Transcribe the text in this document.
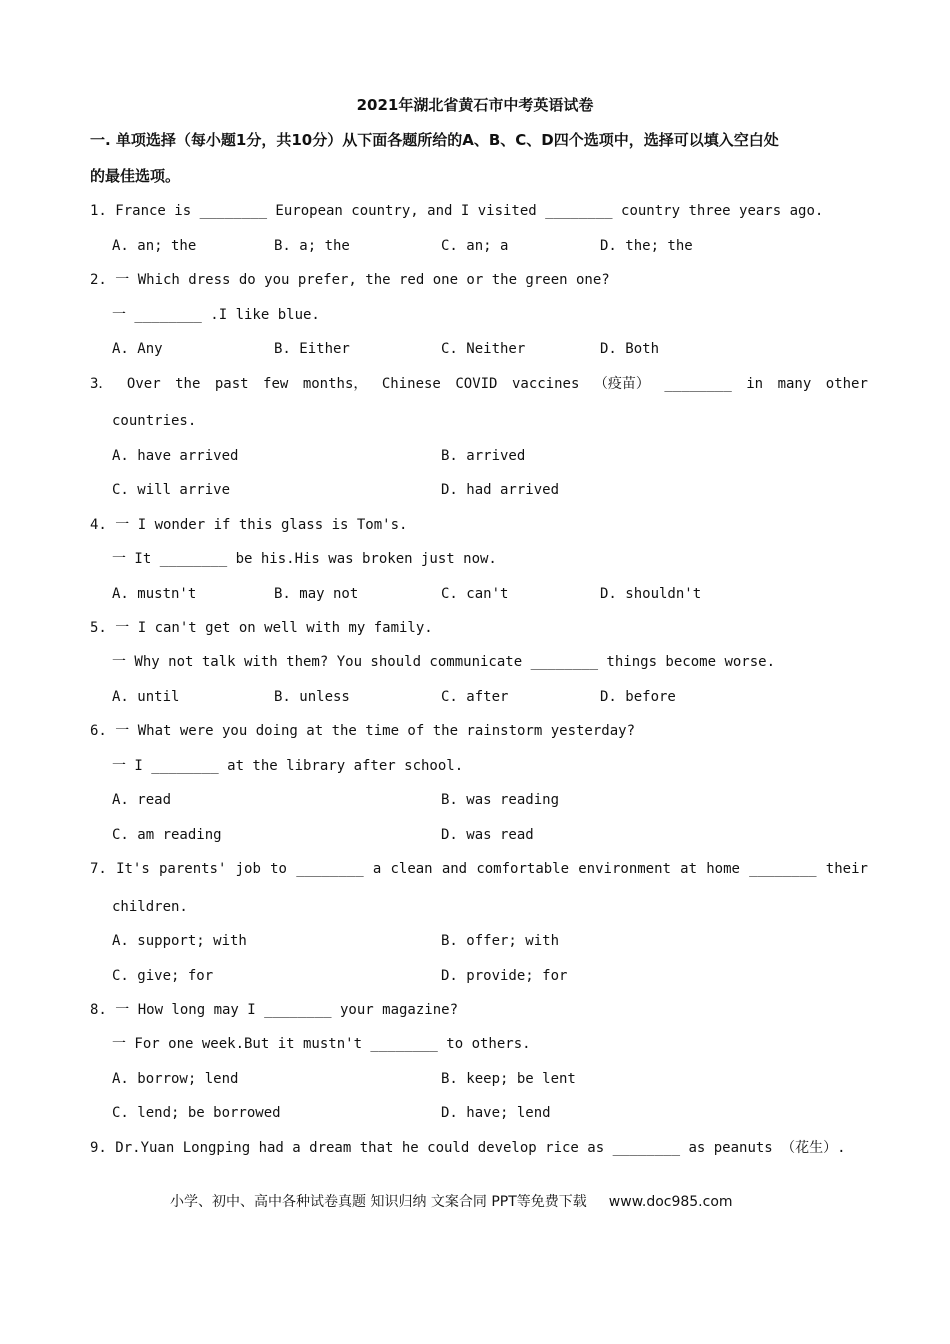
2021年湖北省黄石市中考英语试卷
一. 单项选择（每小题1分，共10分）从下面各题所给的A、B、C、D四个选项中，选择可以填入空白处
的最佳选项。
1. France is ________ European country, and I visited ________ country three years ago.
A. an; the	B. a; the	C. an; a	D. the; the
2. 一 Which dress do you prefer, the red one or the green one?
一 ________ .I like blue.
A. Any	B. Either	C. Neither	D. Both
3． Over the past few months， Chinese COVID vaccines （疫苗） ________ in many other
countries.
A. have arrived	B. arrived
C. will arrive	D. had arrived
4. 一 I wonder if this glass is Tom's.
一 It ________ be his.His was broken just now.
A. mustn't	B. may not	C. can't	D. shouldn't
5. 一 I can't get on well with my family.
一 Why not talk with them? You should communicate ________ things become worse.
A. until	B. unless	C. after	D. before
6. 一 What were you doing at the time of the rainstorm yesterday?
一 I ________ at the library after school.
A. read	B. was reading
C. am reading	D. was read
7. It's parents' job to ________ a clean and comfortable environment at home ________ their
children.
A. support; with	B. offer; with
C. give; for	D. provide; for
8. 一 How long may I ________ your magazine?
一 For one week.But it mustn't ________ to others.
A. borrow; lend	B. keep; be lent
C. lend; be borrowed	D. have; lend
9. Dr.Yuan Longping had a dream that he could develop rice as ________ as peanuts （花生）.
小学、初中、高中各种试卷真题 知识归纳 文案合同 PPT等免费下载 www.doc985.com
